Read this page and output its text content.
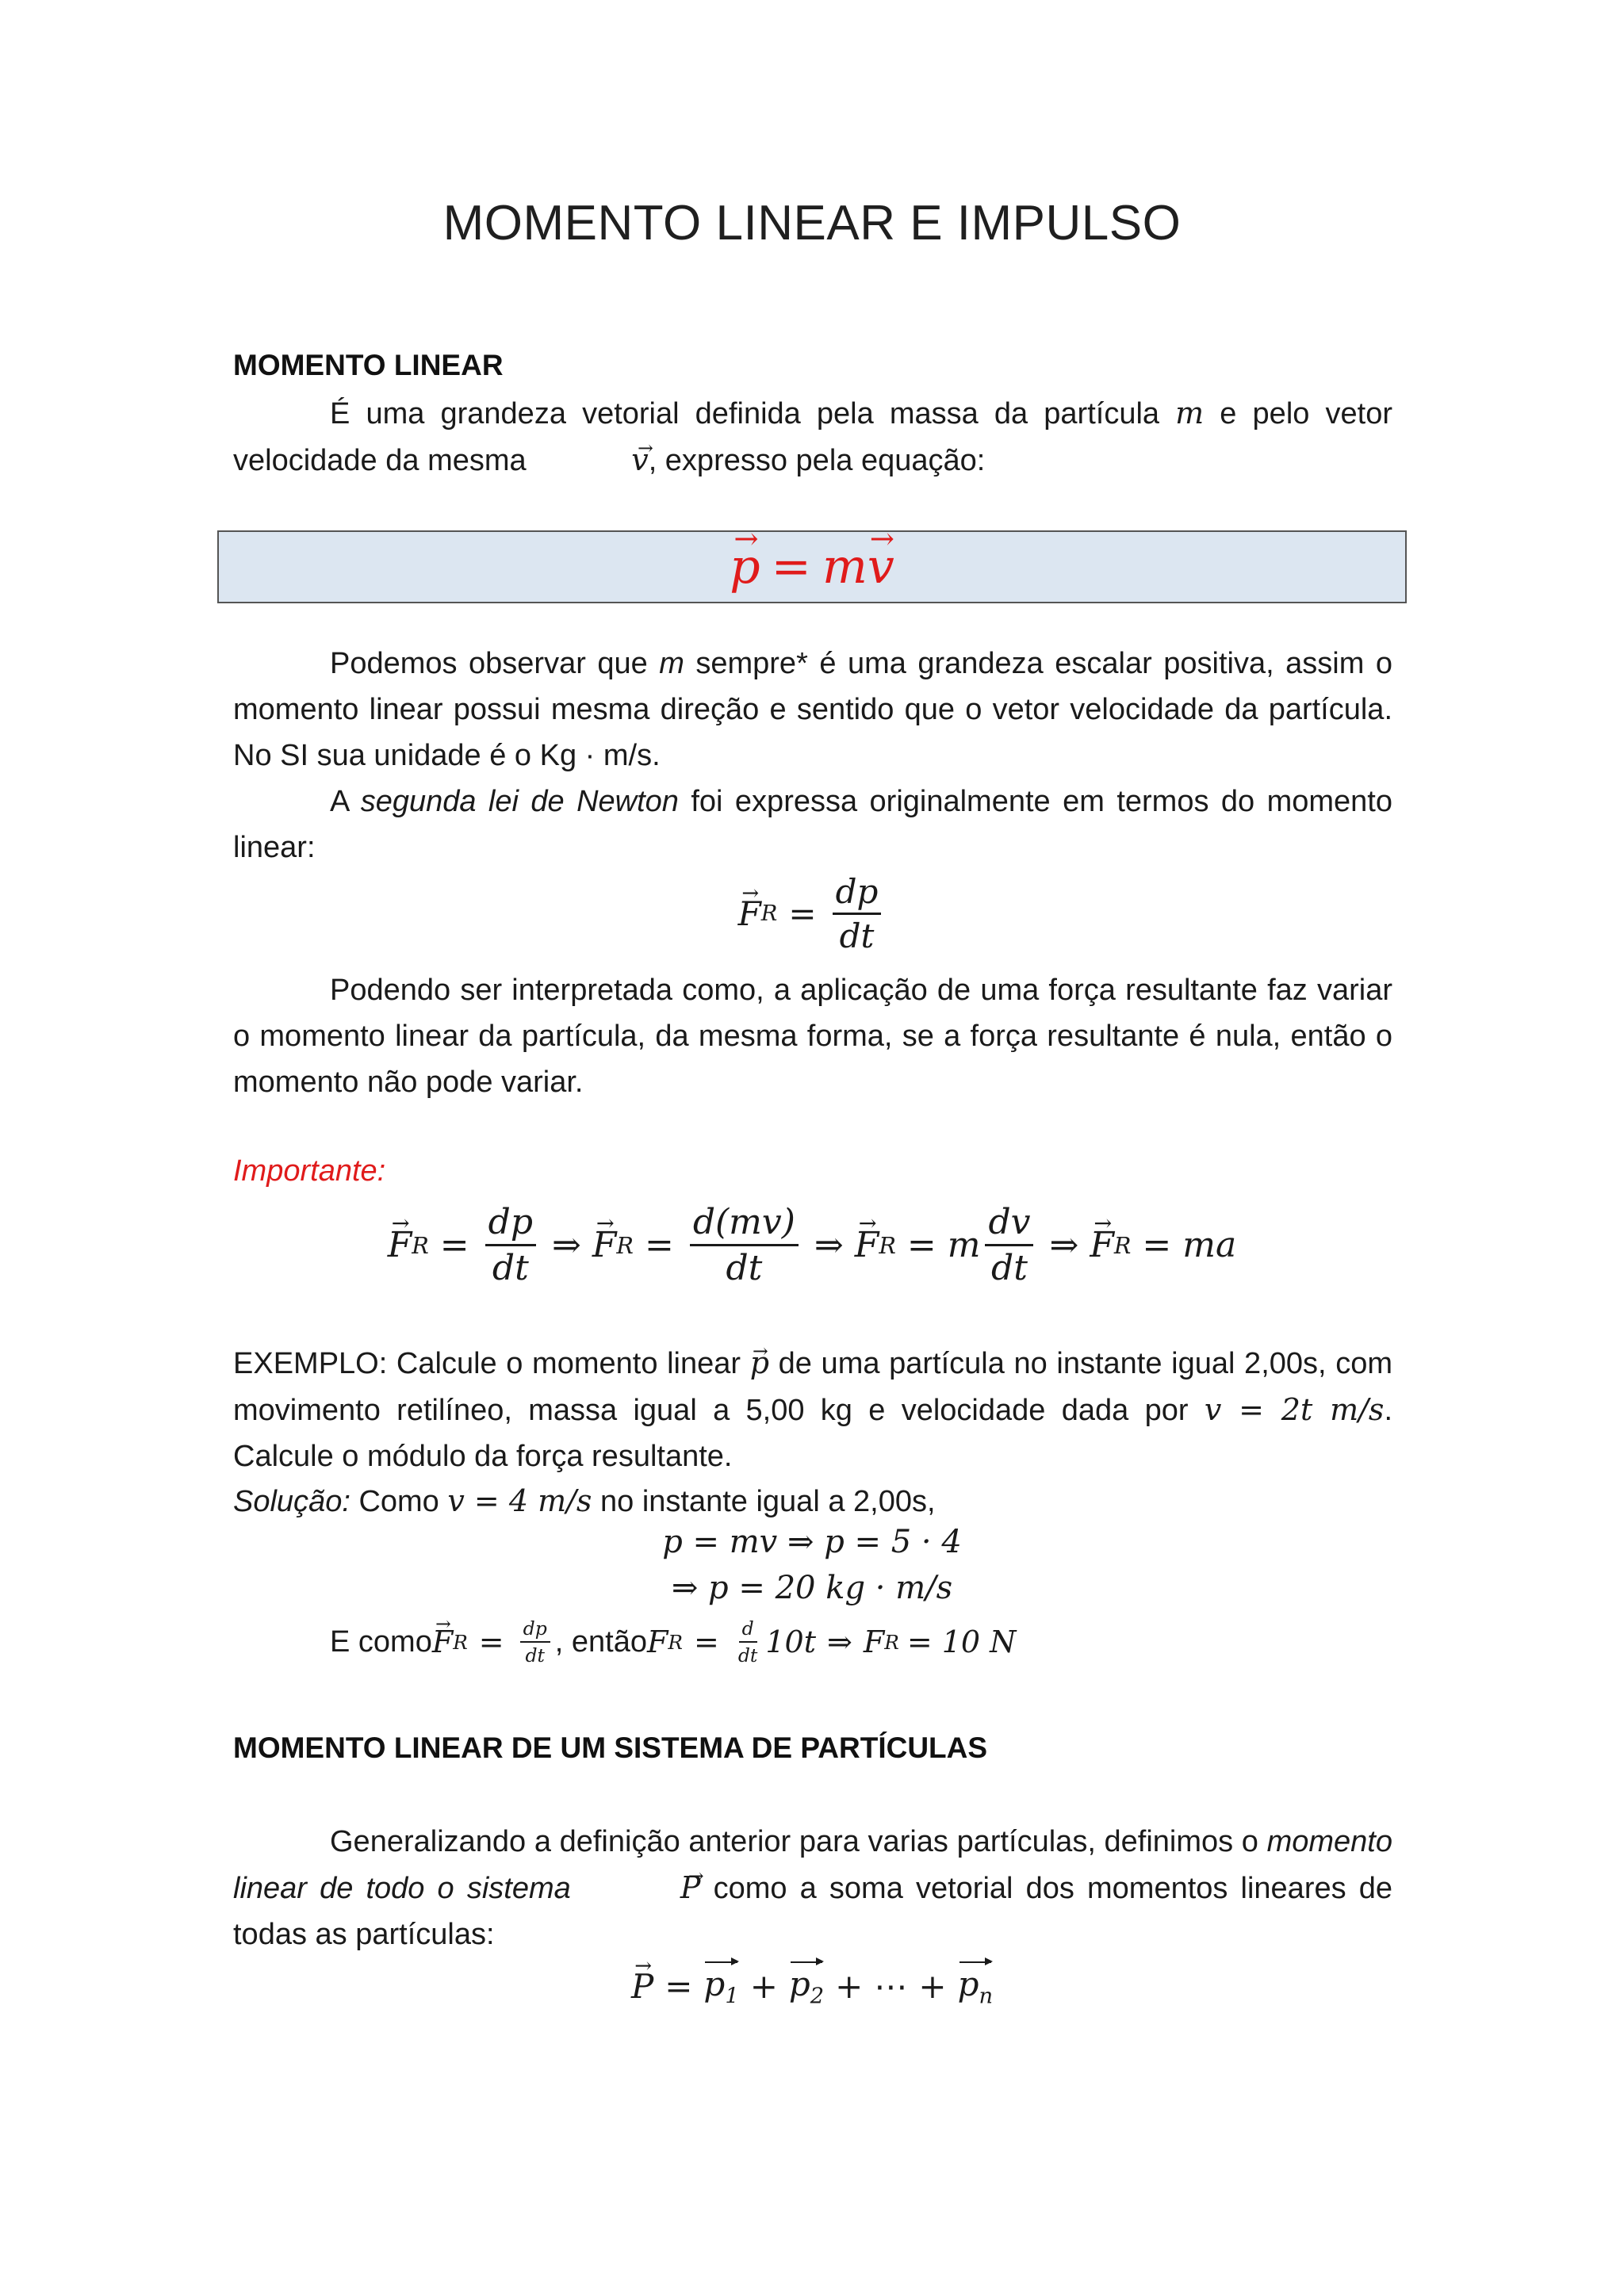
MOMENTO LINEAR E IMPULSO
MOMENTO LINEAR
É uma grandeza vetorial definida pela massa da partícula m e pelo vetor velocidade da mesma	→ v, expresso pela equação:
→ p = m → v
Podemos observar que m sempre* é uma grandeza escalar positiva, assim o momento linear possui mesma direção e sentido que o vetor velocidade da partícula. No SI sua unidade é o Kg · m/s.
A segunda lei de Newton foi expressa originalmente em termos do momento linear:
→ F $R = \frac{dp}{dt}$
Podendo ser interpretada como, a aplicação de uma força resultante faz variar o momento linear da partícula, da mesma forma, se a força resultante é nula, então o momento não pode variar.
Importante:
→ F $R = \frac{dp}{dt}$ ⇒ → F $R = \frac{d(mv)}{dt}$ ⇒ → F R = m $\frac{dv}{dt}$ ⇒ → F R = ma
EXEMPLO: Calcule o momento linear → p de uma partícula no instante igual 2,00s, com movimento retilíneo, massa igual a 5,00 kg e velocidade dada por v = 2t m/s. Calcule o módulo da força resultante.
Solução: Como v = 4 m/s no instante igual a 2,00s,
p = mv ⇒ p = 5 · 4
⇒ p = 20 kg · m/s
E como → F $R = \frac{dp}{dt}$ , então F $R = \frac{d}{dt} 10t$ ⇒ F R = 10 N
MOMENTO LINEAR DE UM SISTEMA DE PARTÍCULAS
Generalizando a definição anterior para varias partículas, definimos o momento linear de todo o sistema	→ P como a soma vetorial dos momentos lineares de todas as partículas:
→ $P = p_1 + p_2$ + ⋯ + $p_n$
